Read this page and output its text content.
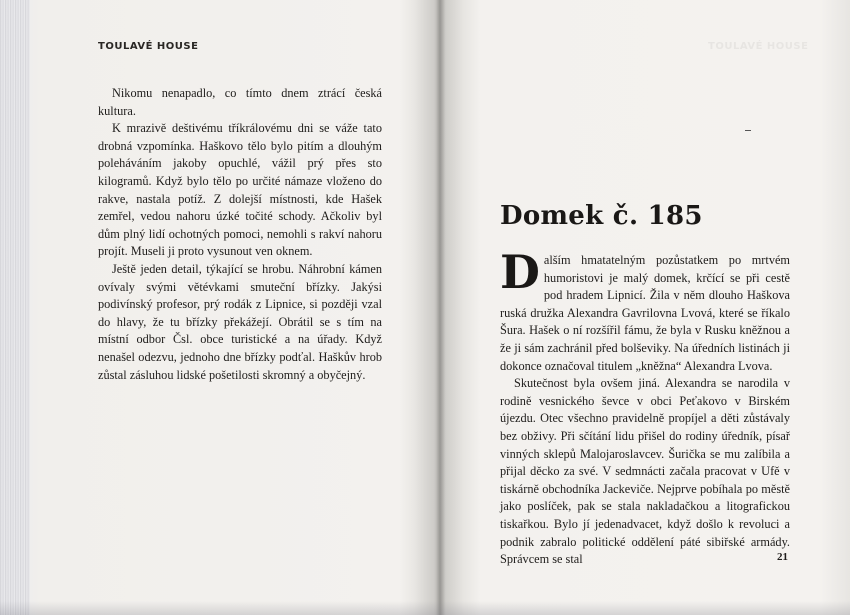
TOULAVÉ HOUSE

Nikomu nenapadlo, co tímto dnem ztrácí česká kultura.

K mrazivě deštivému tříkrálovému dni se váže tato drobná vzpomínka. Haškovo tělo bylo pitím a dlouhým poleháváním jakoby opuchlé, vážil prý přes sto kilogramů. Když bylo tělo po určité námaze vloženo do rakve, nastala potíž. Z dolejší místnosti, kde Hašek zemřel, vedou nahoru úzké točité schody. Ačkoliv byl dům plný lidí ochotných pomoci, nemohli s rakví nahoru projít. Museli ji proto vysunout ven oknem.

Ještě jeden detail, týkající se hrobu. Náhrobní kámen ovívaly svými větévkami smuteční břízky. Jakýsi podivínský profesor, prý rodák z Lipnice, si později vzal do hlavy, že tu břízky překážejí. Obrátil se s tím na místní odbor Čsl. obce turistické a na úřady. Když nenašel odezvu, jednoho dne břízky podťal. Haškův hrob zůstal zásluhou lidské pošetilosti skromný a obyčejný.

TOULAVÉ HOUSE
Domek č. 185

Dalším hmatatelným pozůstatkem po mrtvém humoristovi je malý domek, krčící se při cestě pod hradem Lipnicí. Žila v něm dlouho Haškova ruská družka Alexandra Gavrilovna Lvová, které se říkalo Šura. Hašek o ní rozšířil fámu, že byla v Rusku kněžnou a že ji sám zachránil před bolševiky. Na úředních listinách ji dokonce označoval titulem „kněžna“ Alexandra Lvova.

Skutečnost byla ovšem jiná. Alexandra se narodila v rodině vesnického ševce v obci Peťakovo v Birském újezdu. Otec všechno pravidelně propíjel a děti zůstávaly bez obživy. Při sčítání lidu přišel do rodiny úředník, písař vinných sklepů Malojaroslavcev. Šurička se mu zalíbila a přijal děcko za své. V sedmnácti začala pracovat v Ufě v tiskárně obchodníka Jackeviče. Nejprve pobíhala po městě jako poslíček, pak se stala nakladačkou a litografickou tiskařkou. Bylo jí jedenadvacet, když došlo k revoluci a podnik zabralo politické oddělení páté sibiřské armády. Správcem se stal	21
